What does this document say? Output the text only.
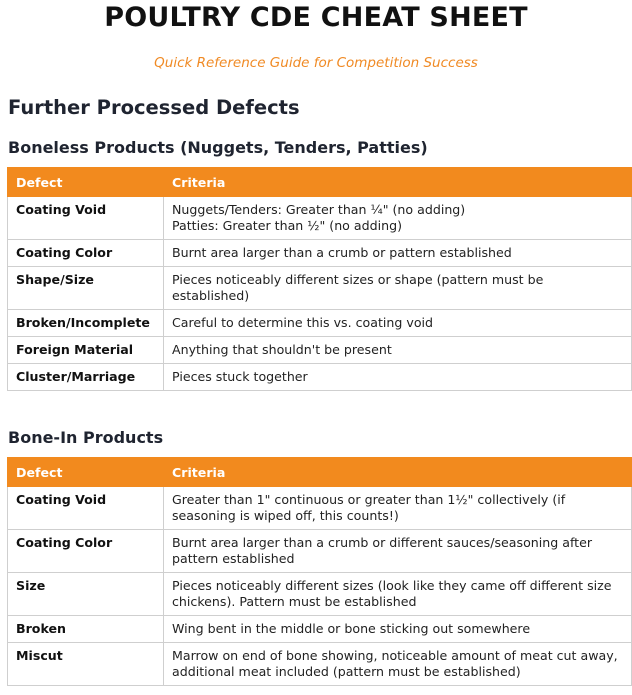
POULTRY CDE CHEAT SHEET
Quick Reference Guide for Competition Success
Further Processed Defects
Boneless Products (Nuggets, Tenders, Patties)
Defect	Criteria
Coating Void	Nuggets/Tenders: Greater than ¼" (no adding)
Patties: Greater than ½" (no adding)

Coating Color	Burnt area larger than a crumb or pattern established

Shape/Size	Pieces noticeably different sizes or shape (pattern must be established)

Broken/Incomplete	Careful to determine this vs. coating void

Foreign Material	Anything that shouldn't be present

Cluster/Marriage	Pieces stuck together
Bone-In Products
Defect	Criteria
Coating Void	Greater than 1" continuous or greater than 1½" collectively (if seasoning is wiped off, this counts!)

Coating Color	Burnt area larger than a crumb or different sauces/seasoning after pattern established

Size	Pieces noticeably different sizes (look like they came off different size chickens). Pattern must be established

Broken	Wing bent in the middle or bone sticking out somewhere

Miscut	Marrow on end of bone showing, noticeable amount of meat cut away, additional meat included (pattern must be established)
